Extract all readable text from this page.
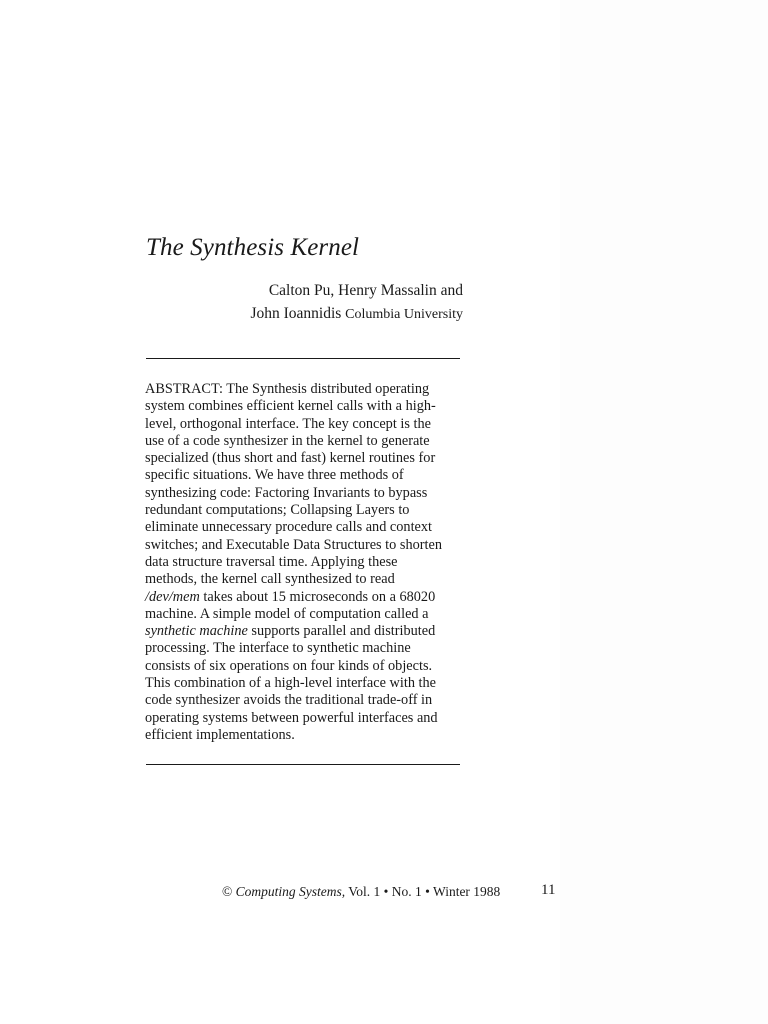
The Synthesis Kernel
Calton Pu, Henry Massalin and
John Ioannidis Columbia University
ABSTRACT: The Synthesis distributed operating
system combines efficient kernel calls with a high-
level, orthogonal interface. The key concept is the
use of a code synthesizer in the kernel to generate
specialized (thus short and fast) kernel routines for
specific situations. We have three methods of
synthesizing code: Factoring Invariants to bypass
redundant computations; Collapsing Layers to
eliminate unnecessary procedure calls and context
switches; and Executable Data Structures to shorten
data structure traversal time. Applying these
methods, the kernel call synthesized to read
/dev/mem takes about 15 microseconds on a 68020
machine. A simple model of computation called a
synthetic machine supports parallel and distributed
processing. The interface to synthetic machine
consists of six operations on four kinds of objects.
This combination of a high-level interface with the
code synthesizer avoids the traditional trade-off in
operating systems between powerful interfaces and
efficient implementations.
© Computing Systems, Vol. 1 • No. 1 • Winter 1988	11
